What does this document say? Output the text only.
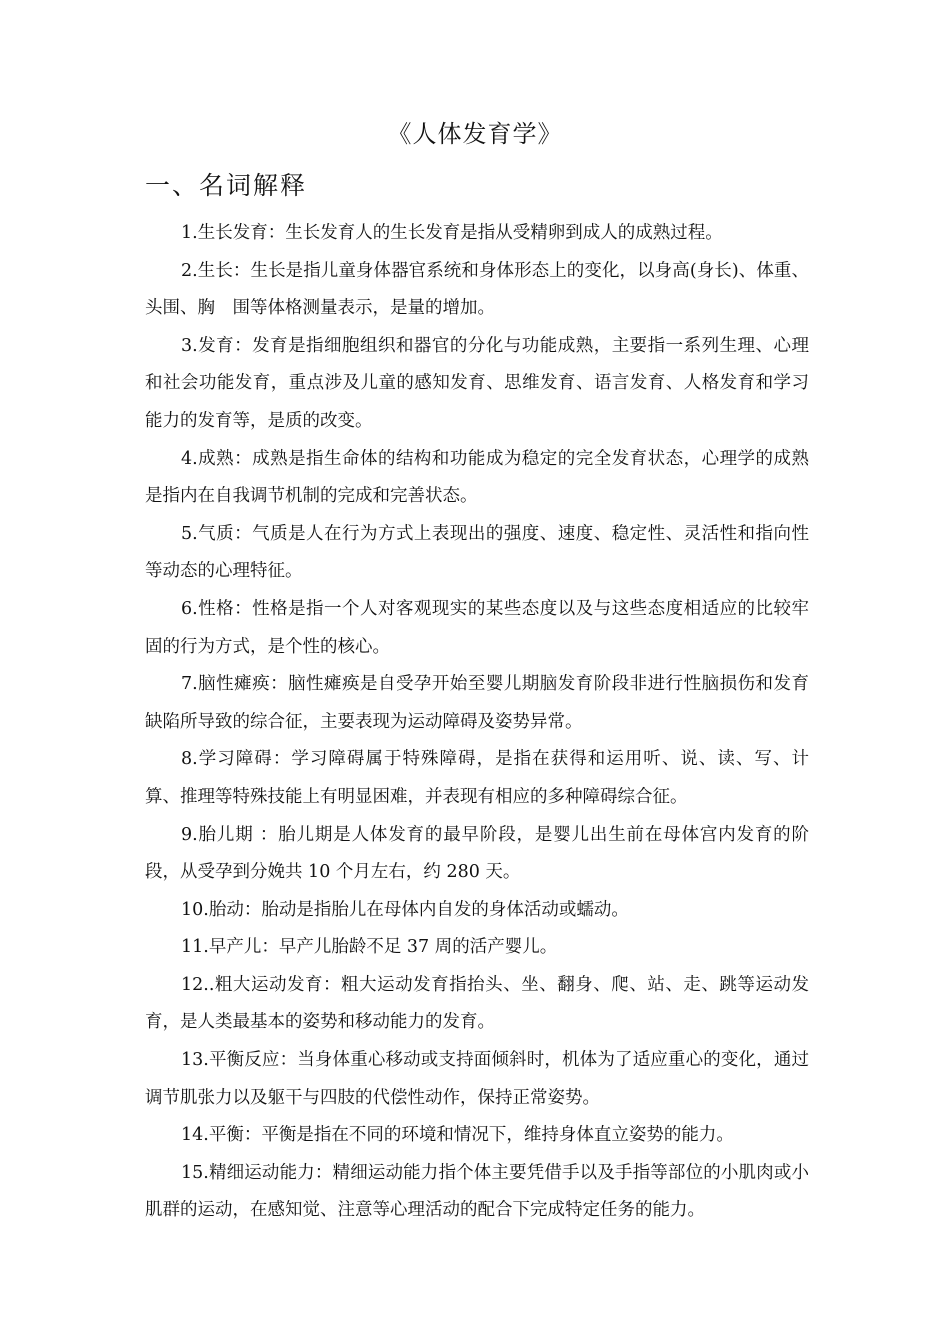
《人体发育学》
一、名词解释
1.生长发育：生长发育人的生长发育是指从受精卵到成人的成熟过程。
2.生长：生长是指儿童身体器官系统和身体形态上的变化，以身高(身长)、体重、头围、胸　围等体格测量表示，是量的增加。
3.发育：发育是指细胞组织和器官的分化与功能成熟，主要指一系列生理、心理和社会功能发育，重点涉及儿童的感知发育、思维发育、语言发育、人格发育和学习能力的发育等，是质的改变。
4.成熟：成熟是指生命体的结构和功能成为稳定的完全发育状态，心理学的成熟是指内在自我调节机制的完成和完善状态。
5.气质：气质是人在行为方式上表现出的强度、速度、稳定性、灵活性和指向性等动态的心理特征。
6.性格：性格是指一个人对客观现实的某些态度以及与这些态度相适应的比较牢固的行为方式，是个性的核心。
7.脑性瘫痪：脑性瘫痪是自受孕开始至婴儿期脑发育阶段非进行性脑损伤和发育缺陷所导致的综合征，主要表现为运动障碍及姿势异常。
8.学习障碍：学习障碍属于特殊障碍，是指在获得和运用听、说、读、写、计算、推理等特殊技能上有明显困难，并表现有相应的多种障碍综合征。
9.胎儿期 ：胎儿期是人体发育的最早阶段，是婴儿出生前在母体宫内发育的阶段，从受孕到分娩共 10 个月左右，约 280 天。
10.胎动：胎动是指胎儿在母体内自发的身体活动或蠕动。
11.早产儿：早产儿胎龄不足 37 周的活产婴儿。
12..粗大运动发育：粗大运动发育指抬头、坐、翻身、爬、站、走、跳等运动发育，是人类最基本的姿势和移动能力的发育。
13.平衡反应：当身体重心移动或支持面倾斜时，机体为了适应重心的变化，通过调节肌张力以及躯干与四肢的代偿性动作，保持正常姿势。
14.平衡：平衡是指在不同的环境和情况下，维持身体直立姿势的能力。
15.精细运动能力：精细运动能力指个体主要凭借手以及手指等部位的小肌肉或小肌群的运动，在感知觉、注意等心理活动的配合下完成特定任务的能力。
